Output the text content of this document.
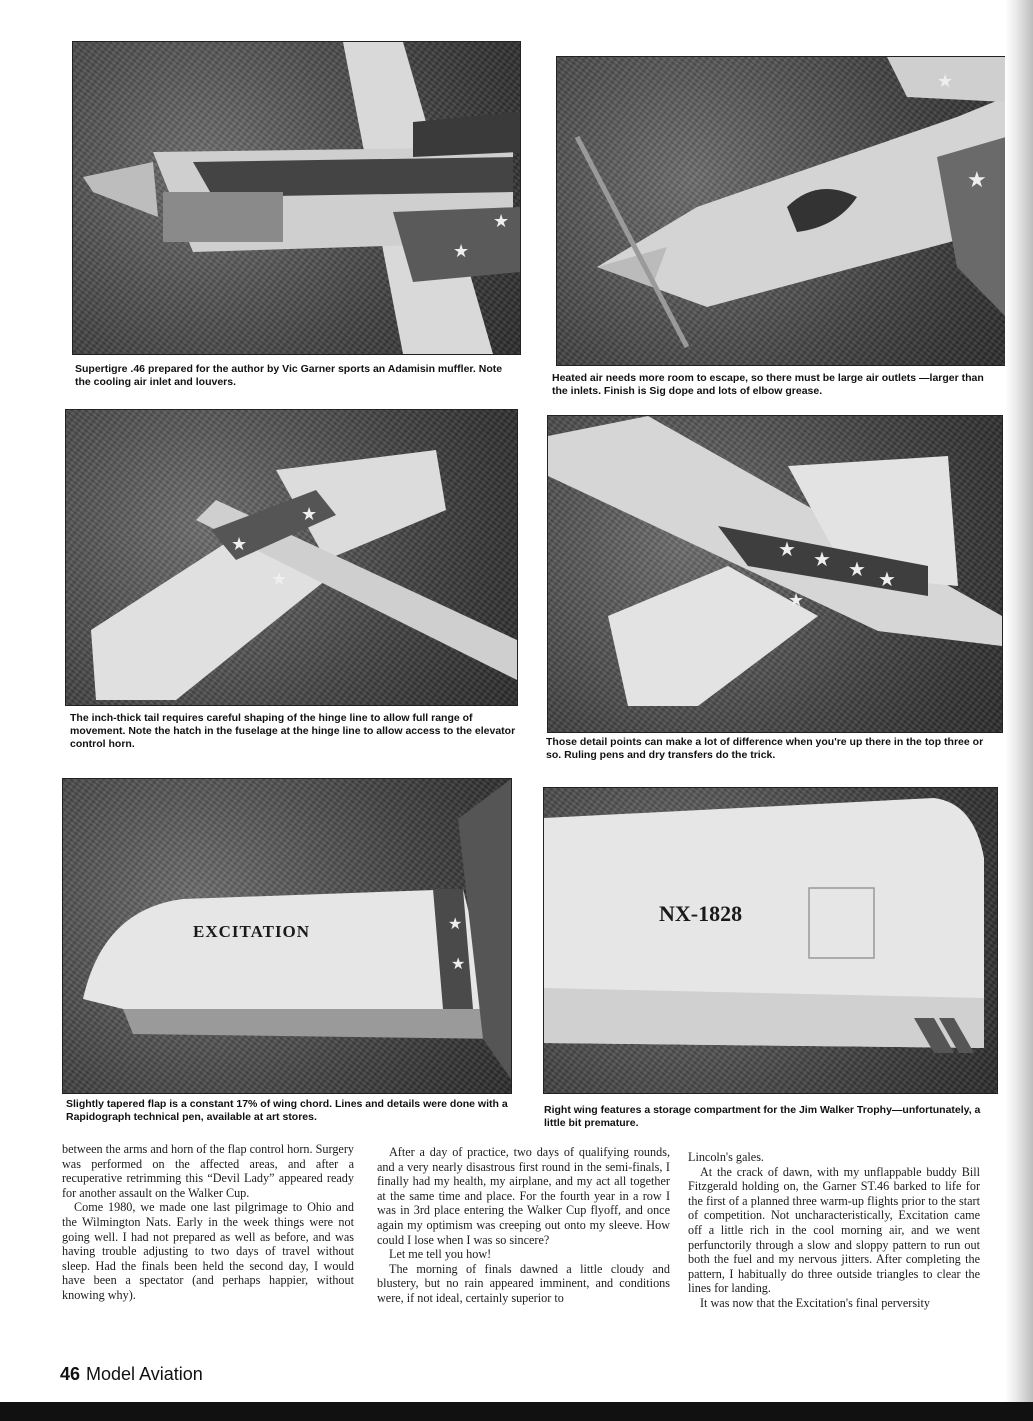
★
★
★
★
★
★
★
★ ★ ★ ★
★
★
★
EXCITATION
NX-1828
Supertigre .46 prepared for the author by Vic Garner sports an Adamisin muffler. Note the cooling air inlet and louvers.	Heated air needs more room to escape, so there must be large air outlets —larger than the inlets. Finish is Sig dope and lots of elbow grease.
The inch-thick tail requires careful shaping of the hinge line to allow full range of movement. Note the hatch in the fuselage at the hinge line to allow access to the elevator control horn.	Those detail points can make a lot of difference when you're up there in the top three or so. Ruling pens and dry transfers do the trick.
Slightly tapered flap is a constant 17% of wing chord. Lines and details were done with a Rapidograph technical pen, available at art stores.
Right wing features a storage compartment for the Jim Walker Trophy—unfortunately, a little bit premature.

between the arms and horn of the flap control horn. Surgery was performed on the affected areas, and after a recuperative retrimming this “Devil Lady” appeared ready for another assault on the Walker Cup.

Come 1980, we made one last pilgrimage to Ohio and the Wilmington Nats. Early in the week things were not going well. I had not prepared as well as before, and was having trouble adjusting to two days of travel without sleep. Had the finals been held the second day, I would have been a spectator (and perhaps happier, without knowing why).

After a day of practice, two days of qualifying rounds, and a very nearly disastrous first round in the semi-finals, I finally had my health, my airplane, and my act all together at the same time and place. For the fourth year in a row I was in 3rd place entering the Walker Cup flyoff, and once again my optimism was creeping out onto my sleeve. How could I lose when I was so sincere?

Let me tell you how!

The morning of finals dawned a little cloudy and blustery, but no rain appeared imminent, and conditions were, if not ideal, certainly superior to

Lincoln's gales.

At the crack of dawn, with my unflappable buddy Bill Fitzgerald holding on, the Garner ST.46 barked to life for the first of a planned three warm-up flights prior to the start of competition. Not uncharacteristically, Excitation came off a little rich in the cool morning air, and we went perfunctorily through a slow and sloppy pattern to run out both the fuel and my nervous jitters. After completing the pattern, I habitually do three outside triangles to clear the lines for landing.

It was now that the Excitation's final perversity

46 Model Aviation
